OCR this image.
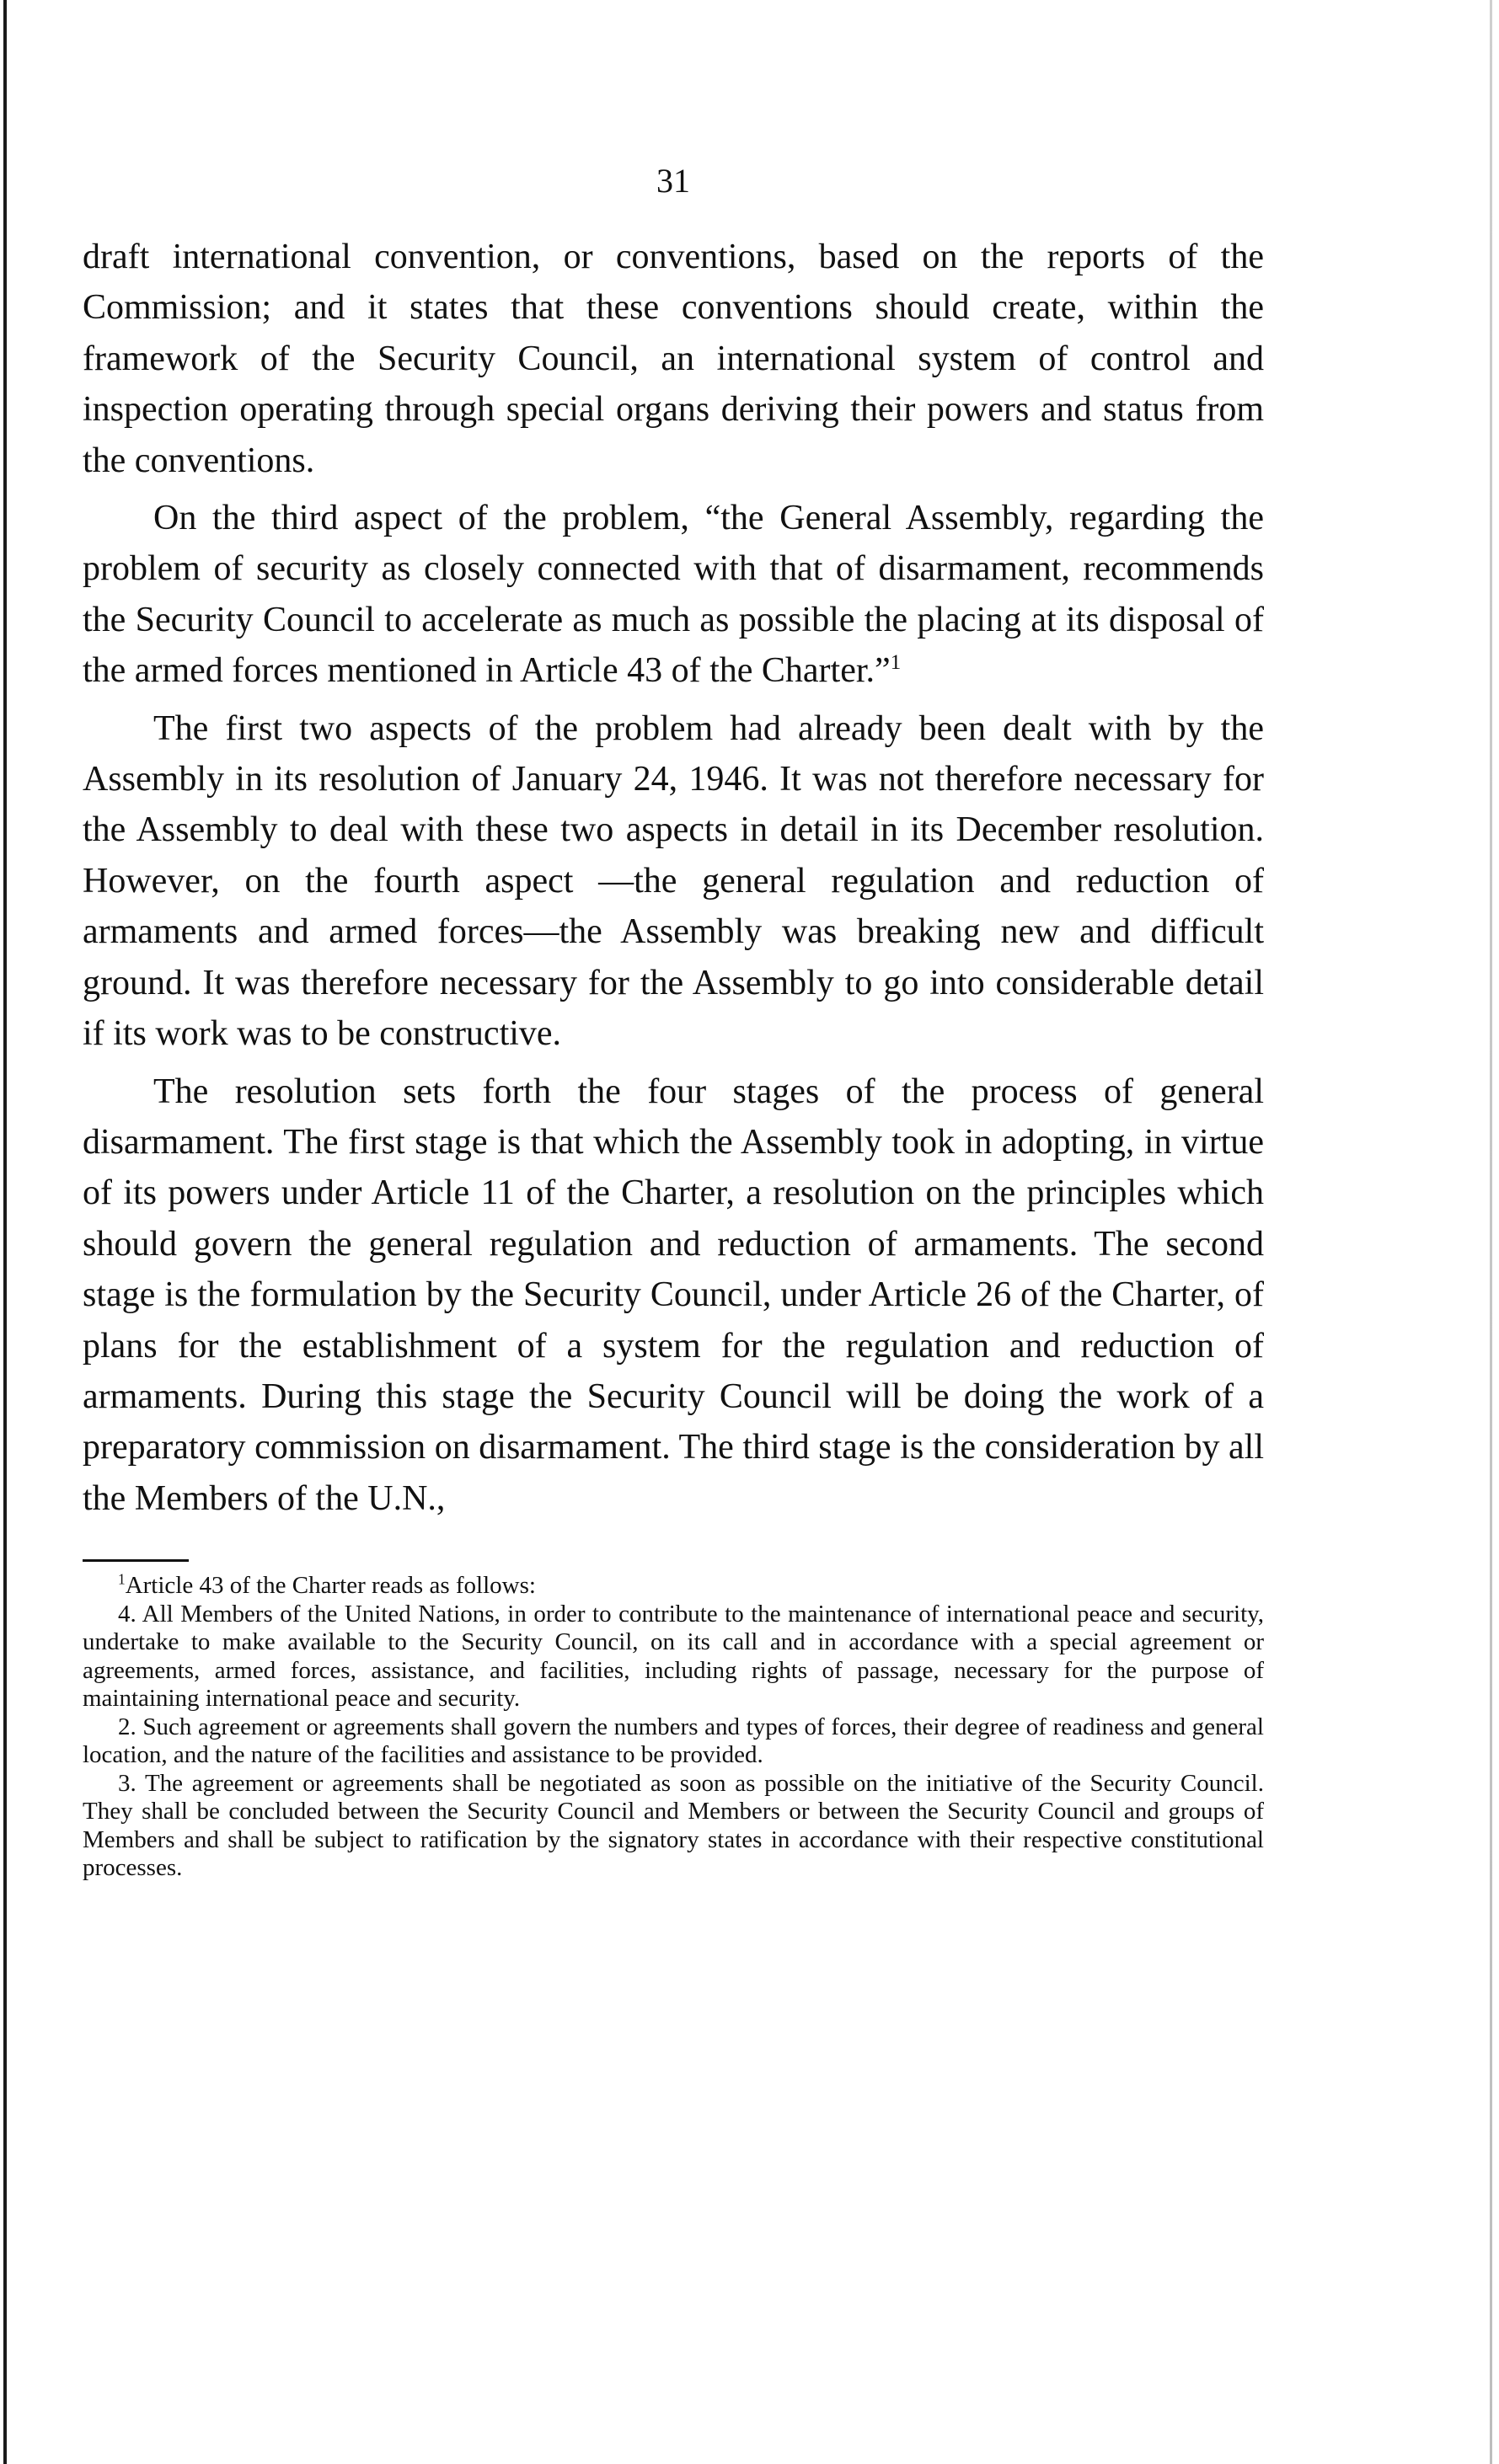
31

draft international convention, or conventions, based on the reports of the Commission; and it states that these conventions should create, within the framework of the Security Council, an international system of control and inspection operating through special organs deriving their powers and status from the conventions.

On the third aspect of the problem, “the General Assembly, regarding the problem of security as closely connected with that of disarmament, recommends the Security Council to accelerate as much as possible the placing at its disposal of the armed forces mentioned in Article 43 of the Charter.”$^1$

The first two aspects of the problem had already been dealt with by the Assembly in its resolution of January 24, 1946. It was not therefore necessary for the Assembly to deal with these two aspects in detail in its December resolution. However, on the fourth aspect —the general regulation and reduction of armaments and armed forces—the Assembly was breaking new and difficult ground. It was therefore necessary for the Assembly to go into considerable detail if its work was to be constructive.

The resolution sets forth the four stages of the process of general disarmament. The first stage is that which the Assembly took in adopting, in virtue of its powers under Article 11 of the Charter, a resolution on the principles which should govern the general regulation and reduction of armaments. The second stage is the formulation by the Security Council, under Article 26 of the Charter, of plans for the establishment of a system for the regulation and reduction of armaments. During this stage the Security Council will be doing the work of a preparatory commission on disarmament. The third stage is the consideration by all the Members of the U.N.,

$^1$Article 43 of the Charter reads as follows:

4. All Members of the United Nations, in order to contribute to the maintenance of international peace and security, undertake to make available to the Security Council, on its call and in accordance with a special agreement or agreements, armed forces, assistance, and facilities, including rights of passage, necessary for the purpose of maintaining international peace and security.

2. Such agreement or agreements shall govern the numbers and types of forces, their degree of readiness and general location, and the nature of the facilities and assistance to be provided.

3. The agreement or agreements shall be negotiated as soon as possible on the initiative of the Security Council. They shall be concluded between the Security Council and Members or between the Security Council and groups of Members and shall be subject to ratification by the signatory states in accordance with their respective constitutional processes.
